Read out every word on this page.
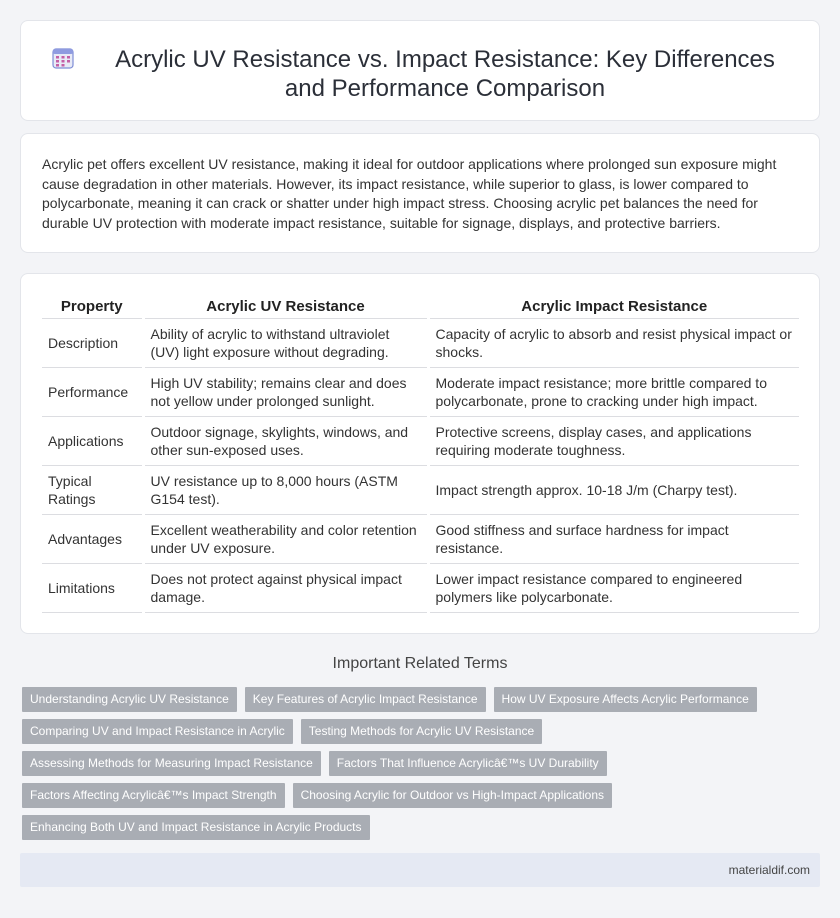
Acrylic UV Resistance vs. Impact Resistance: Key Differences and Performance Comparison

Acrylic pet offers excellent UV resistance, making it ideal for outdoor applications where prolonged sun exposure might cause degradation in other materials. However, its impact resistance, while superior to glass, is lower compared to polycarbonate, meaning it can crack or shatter under high impact stress. Choosing acrylic pet balances the need for durable UV protection with moderate impact resistance, suitable for signage, displays, and protective barriers.

Property	Acrylic UV Resistance	Acrylic Impact Resistance
Description	Ability of acrylic to withstand ultraviolet (UV) light exposure without degrading.	Capacity of acrylic to absorb and resist physical impact or shocks.
Performance	High UV stability; remains clear and does not yellow under prolonged sunlight.	Moderate impact resistance; more brittle compared to polycarbonate, prone to cracking under high impact.
Applications	Outdoor signage, skylights, windows, and other sun-exposed uses.	Protective screens, display cases, and applications requiring moderate toughness.
Typical Ratings	UV resistance up to 8,000 hours (ASTM G154 test).	Impact strength approx. 10-18 J/m (Charpy test).
Advantages	Excellent weatherability and color retention under UV exposure.	Good stiffness and surface hardness for impact resistance.
Limitations	Does not protect against physical impact damage.	Lower impact resistance compared to engineered polymers like polycarbonate.
Important Related Terms
Understanding Acrylic UV Resistance	Key Features of Acrylic Impact Resistance	How UV Exposure Affects Acrylic Performance
Comparing UV and Impact Resistance in Acrylic	Testing Methods for Acrylic UV Resistance
Assessing Methods for Measuring Impact Resistance	Factors That Influence Acrylicâ€™s UV Durability
Factors Affecting Acrylicâ€™s Impact Strength	Choosing Acrylic for Outdoor vs High-Impact Applications
Enhancing Both UV and Impact Resistance in Acrylic Products
materialdif.com
